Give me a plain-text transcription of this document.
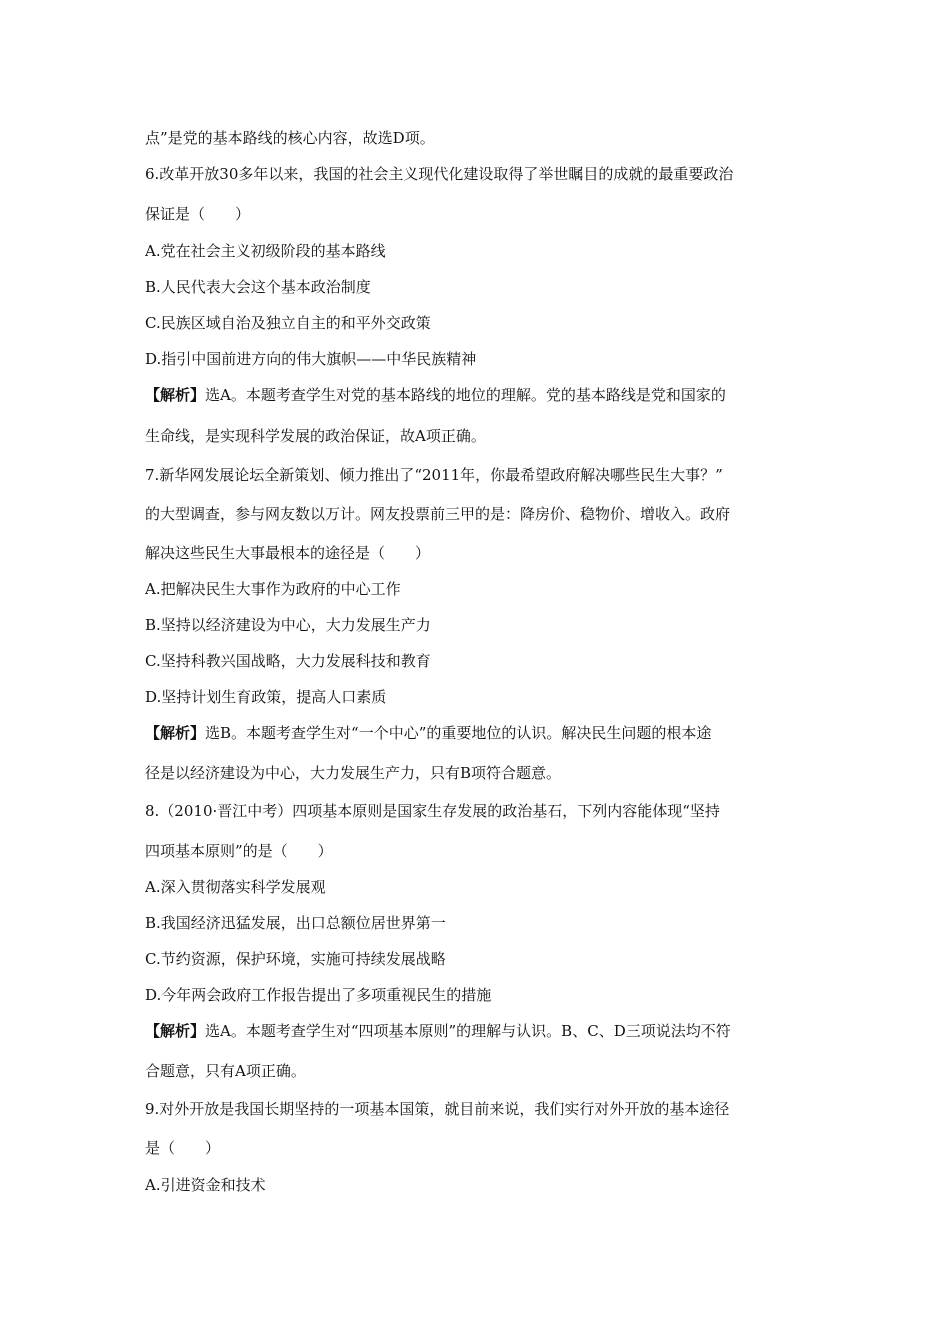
点”是党的基本路线的核心内容，故选D项。
6.改革开放30多年以来，我国的社会主义现代化建设取得了举世瞩目的成就的最重要政治
保证是（　　）
A.党在社会主义初级阶段的基本路线
B.人民代表大会这个基本政治制度
C.民族区域自治及独立自主的和平外交政策
D.指引中国前进方向的伟大旗帜——中华民族精神
【解析】选A。本题考查学生对党的基本路线的地位的理解。党的基本路线是党和国家的
生命线，是实现科学发展的政治保证，故A项正确。
7.新华网发展论坛全新策划、倾力推出了“2011年，你最希望政府解决哪些民生大事？”
的大型调查，参与网友数以万计。网友投票前三甲的是：降房价、稳物价、增收入。政府
解决这些民生大事最根本的途径是（　　）
A.把解决民生大事作为政府的中心工作
B.坚持以经济建设为中心，大力发展生产力
C.坚持科教兴国战略，大力发展科技和教育
D.坚持计划生育政策，提高人口素质
【解析】选B。本题考查学生对“一个中心”的重要地位的认识。解决民生问题的根本途
径是以经济建设为中心，大力发展生产力，只有B项符合题意。
8.（2010·晋江中考）四项基本原则是国家生存发展的政治基石，下列内容能体现“坚持
四项基本原则”的是（　　）
A.深入贯彻落实科学发展观
B.我国经济迅猛发展，出口总额位居世界第一
C.节约资源，保护环境，实施可持续发展战略
D.今年两会政府工作报告提出了多项重视民生的措施
【解析】选A。本题考查学生对“四项基本原则”的理解与认识。B、C、D三项说法均不符
合题意，只有A项正确。
9.对外开放是我国长期坚持的一项基本国策，就目前来说，我们实行对外开放的基本途径
是（　　）
A.引进资金和技术
